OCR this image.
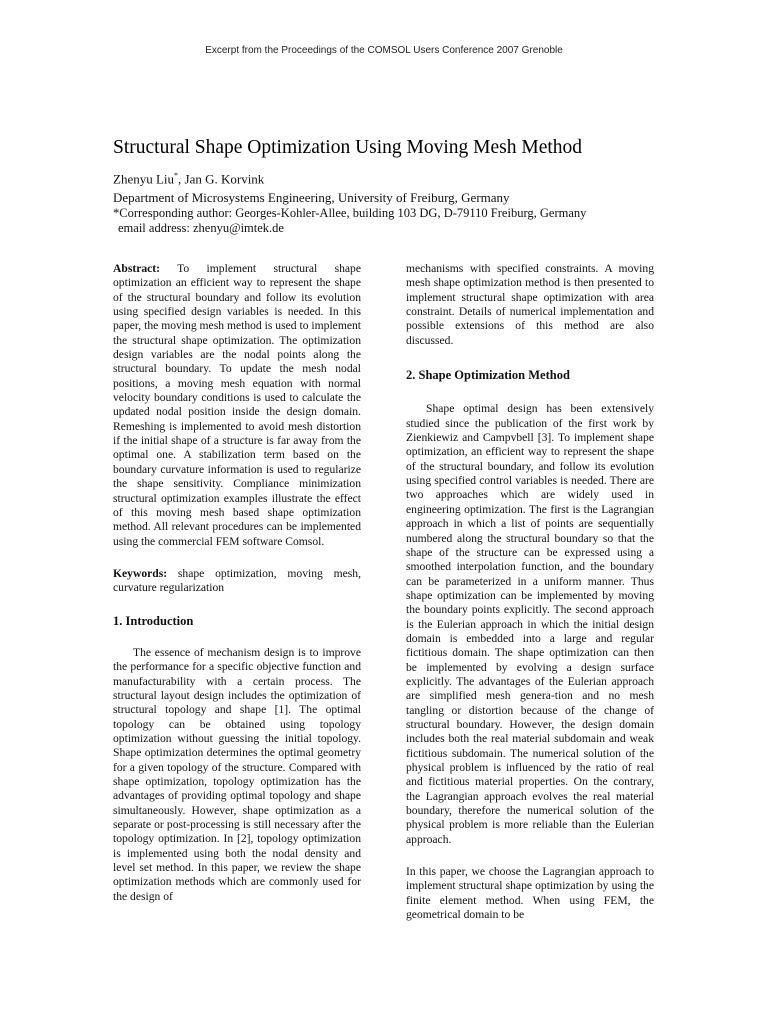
Excerpt from the Proceedings of the COMSOL Users Conference 2007 Grenoble
Structural Shape Optimization Using Moving Mesh Method
Zhenyu Liu*, Jan G. Korvink
Department of Microsystems Engineering, University of Freiburg, Germany
*Corresponding author: Georges-Kohler-Allee, building 103 DG, D-79110 Freiburg, Germany
email address: zhenyu@imtek.de

Abstract: To implement structural shape optimization an efficient way to represent the shape of the structural boundary and follow its evolution using specified design variables is needed. In this paper, the moving mesh method is used to implement the structural shape optimization. The optimization design variables are the nodal points along the structural boundary. To update the mesh nodal positions, a moving mesh equation with normal velocity boundary conditions is used to calculate the updated nodal position inside the design domain. Remeshing is implemented to avoid mesh distortion if the initial shape of a structure is far away from the optimal one. A stabilization term based on the boundary curvature information is used to regularize the shape sensitivity. Compliance minimization structural optimization examples illustrate the effect of this moving mesh based shape optimization method. All relevant procedures can be implemented using the commercial FEM software Comsol.

Keywords: shape optimization, moving mesh, curvature regularization

1. Introduction

The essence of mechanism design is to improve the performance for a specific objective function and manufacturability with a certain process. The structural layout design includes the optimization of structural topology and shape [1]. The optimal topology can be obtained using topology optimization without guessing the initial topology. Shape optimization determines the optimal geometry for a given topology of the structure. Compared with shape optimization, topology optimization has the advantages of providing optimal topology and shape simultaneously. However, shape optimization as a separate or post-processing is still necessary after the topology optimization. In [2], topology optimization is implemented using both the nodal density and level set method. In this paper, we review the shape optimization methods which are commonly used for the design of

mechanisms with specified constraints. A moving mesh shape optimization method is then presented to implement structural shape optimization with area constraint. Details of numerical implementation and possible extensions of this method are also discussed.

2. Shape Optimization Method

Shape optimal design has been extensively studied since the publication of the first work by Zienkiewiz and Campvbell [3]. To implement shape optimization, an efficient way to represent the shape of the structural boundary, and follow its evolution using specified control variables is needed. There are two approaches which are widely used in engineering optimization. The first is the Lagrangian approach in which a list of points are sequentially numbered along the structural boundary so that the shape of the structure can be expressed using a smoothed interpolation function, and the boundary can be parameterized in a uniform manner. Thus shape optimization can be implemented by moving the boundary points explicitly. The second approach is the Eulerian approach in which the initial design domain is embedded into a large and regular fictitious domain. The shape optimization can then be implemented by evolving a design surface explicitly. The advantages of the Eulerian approach are simplified mesh genera-tion and no mesh tangling or distortion because of the change of structural boundary. However, the design domain includes both the real material subdomain and weak fictitious subdomain. The numerical solution of the physical problem is influenced by the ratio of real and fictitious material properties. On the contrary, the Lagrangian approach evolves the real material boundary, therefore the numerical solution of the physical problem is more reliable than the Eulerian approach.

In this paper, we choose the Lagrangian approach to implement structural shape optimization by using the finite element method. When using FEM, the geometrical domain to be
